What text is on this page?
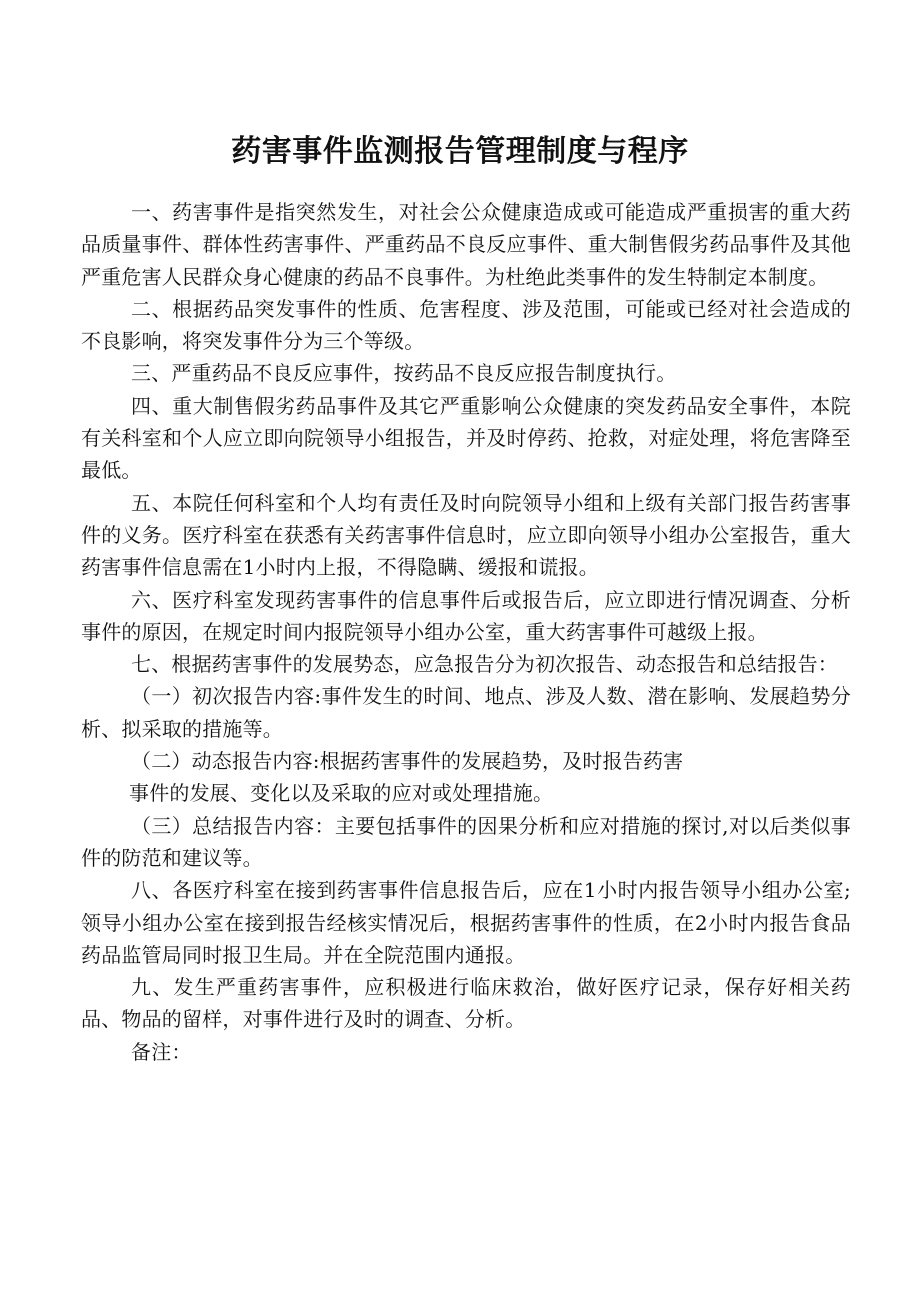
药害事件监测报告管理制度与程序

一、药害事件是指突然发生，对社会公众健康造成或可能造成严重损害的重大药品质量事件、群体性药害事件、严重药品不良反应事件、重大制售假劣药品事件及其他严重危害人民群众身心健康的药品不良事件。为杜绝此类事件的发生特制定本制度。

二、根据药品突发事件的性质、危害程度、涉及范围，可能或已经对社会造成的不良影响，将突发事件分为三个等级。

三、严重药品不良反应事件，按药品不良反应报告制度执行。

四、重大制售假劣药品事件及其它严重影响公众健康的突发药品安全事件，本院有关科室和个人应立即向院领导小组报告，并及时停药、抢救，对症处理，将危害降至最低。

五、本院任何科室和个人均有责任及时向院领导小组和上级有关部门报告药害事件的义务。医疗科室在获悉有关药害事件信息时，应立即向领导小组办公室报告，重大药害事件信息需在1小时内上报，不得隐瞒、缓报和谎报。

六、医疗科室发现药害事件的信息事件后或报告后，应立即进行情况调查、分析事件的原因，在规定时间内报院领导小组办公室，重大药害事件可越级上报。

七、根据药害事件的发展势态，应急报告分为初次报告、动态报告和总结报告：

（一）初次报告内容:事件发生的时间、地点、涉及人数、潜在影响、发展趋势分析、拟采取的措施等。

（二）动态报告内容:根据药害事件的发展趋势，及时报告药害

事件的发展、变化以及采取的应对或处理措施。

（三）总结报告内容：主要包括事件的因果分析和应对措施的探讨,对以后类似事件的防范和建议等。

八、各医疗科室在接到药害事件信息报告后，应在1小时内报告领导小组办公室;领导小组办公室在接到报告经核实情况后，根据药害事件的性质，在2小时内报告食品药品监管局同时报卫生局。并在全院范围内通报。

九、发生严重药害事件，应积极进行临床救治，做好医疗记录，保存好相关药品、物品的留样，对事件进行及时的调查、分析。

备注：
